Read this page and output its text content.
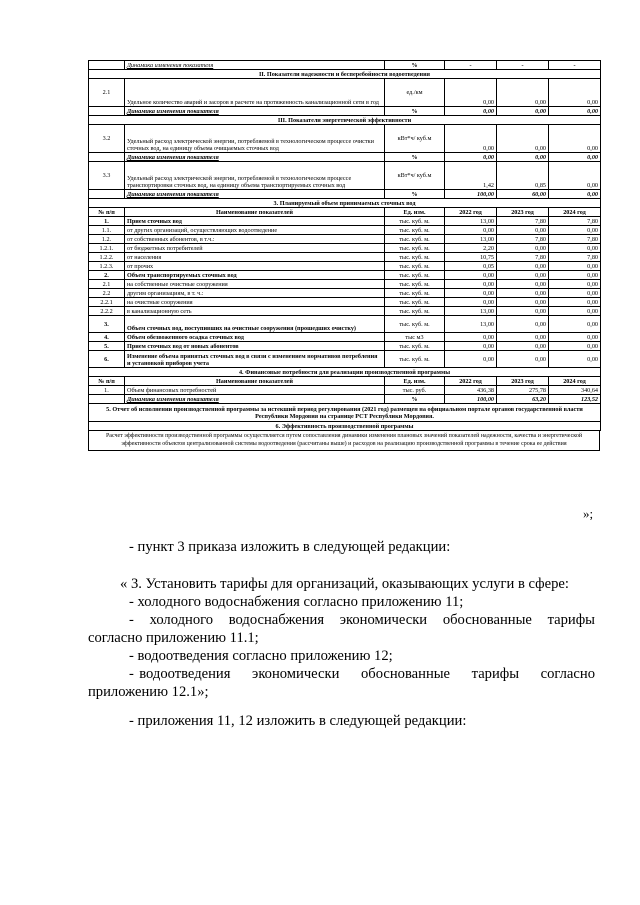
	Динамика изменения показателя	%	-	-	-
II. Показатели надежности и бесперебойности водоотведения					
2.1	Удельное количество аварий и засоров в расчете на протяженность канализационной сети в год	ед./км	0,00	0,00	0,00
	Динамика изменения показателя	%	0,00	0,00	0,00
III. Показатели энергетической эффективности					
3.2	Удельный расход электрической энергии, потребляемой в технологическом процессе очистки сточных вод, на единицу объема очищаемых сточных вод	кВт*ч/ куб.м	0,00	0,00	0,00
	Динамика изменения показателя	%	0,00	0,00	0,00
3.3	Удельный расход электрической энергии, потребляемой в технологическом процессе транспортировки сточных вод, на единицу объема транспортируемых сточных вод	кВт*ч/ куб.м	1,42	0,85	0,00
	Динамика изменения показателя	%	100,00	60,00	0,00
3. Планируемый объем принимаемых сточных вод					
№ п/п	Наименование показателей	Ед. изм.	2022 год	2023 год	2024 год
1.	Прием сточных вод	тыс. куб. м.	13,00	7,80	7,80
1.1.	от других организаций, осуществляющих водоотведение	тыс. куб. м.	0,00	0,00	0,00
1.2.	от собственных абонентов, в т.ч.:	тыс. куб. м.	13,00	7,80	7,80
1.2.1.	от бюджетных потребителей	тыс. куб. м.	2,20	0,00	0,00
1.2.2.	от населения	тыс. куб. м.	10,75	7,80	7,80
1.2.3.	от прочих	тыс. куб. м.	0,05	0,00	0,00
2.	Объем транспортируемых сточных вод	тыс. куб. м.	0,00	0,00	0,00
2.1	на собственные очистные сооружения	тыс. куб. м.	0,00	0,00	0,00
2.2	другим организациям, в т. ч.:	тыс. куб. м.	0,00	0,00	0,00
2.2.1	на очистные сооружения	тыс. куб. м.	0,00	0,00	0,00
2.2.2	в канализационную сеть	тыс. куб. м.	13,00	0,00	0,00
3.	Объем сточных вод, поступивших на очистные сооружения (прошедших очистку)	тыс. куб. м.	13,00	0,00	0,00
4.	Объем обезвоженного осадка сточных вод	тыс м3	0,00	0,00	0,00
5.	Прием сточных вод от новых абонентов	тыс. куб. м.	0,00	0,00	0,00
6.	Изменение объема принятых сточных вод в связи с изменением нормативов потребления и установкой приборов учета	тыс. куб. м.	0,00	0,00	0,00
4. Финансовые потребности для реализации производственной программы					
№ п/п	Наименование показателей	Ед. изм.	2022 год	2023 год	2024 год
1.	Объем финансовых потребностей	тыс. руб.	436,38	275,78	340,64
	Динамика изменения показателя	%	100,00	63,20	123,52
5. Отчет об исполнении производственной программы за истекший период регулирования (2021 год) размещен на официальном портале органов государственной власти Республики Мордовия на странице РСТ Республики Мордовия.					
6. Эффективность производственной программы					
Расчет эффективности производственной программы осуществляется путем сопоставления динамики изменения плановых значений показателей надежности, качества и энергетической эффективности объектов централизованной системы водоотведения (рассчитаны выше) и расходов на реализацию производственной программы в течение срока ее действия
»;
- пункт 3 приказа изложить в следующей редакции:
« 3. Установить тарифы для организаций, оказывающих услуги в сфере:
- холодного водоснабжения согласно приложению 11;
-  холодного  водоснабжения  экономически  обоснованные  тарифы
согласно приложению 11.1;
- водоотведения согласно приложению 12;
- водоотведения    экономически    обоснованные    тарифы    согласно
приложению 12.1»;
- приложения 11, 12 изложить в следующей редакции:
